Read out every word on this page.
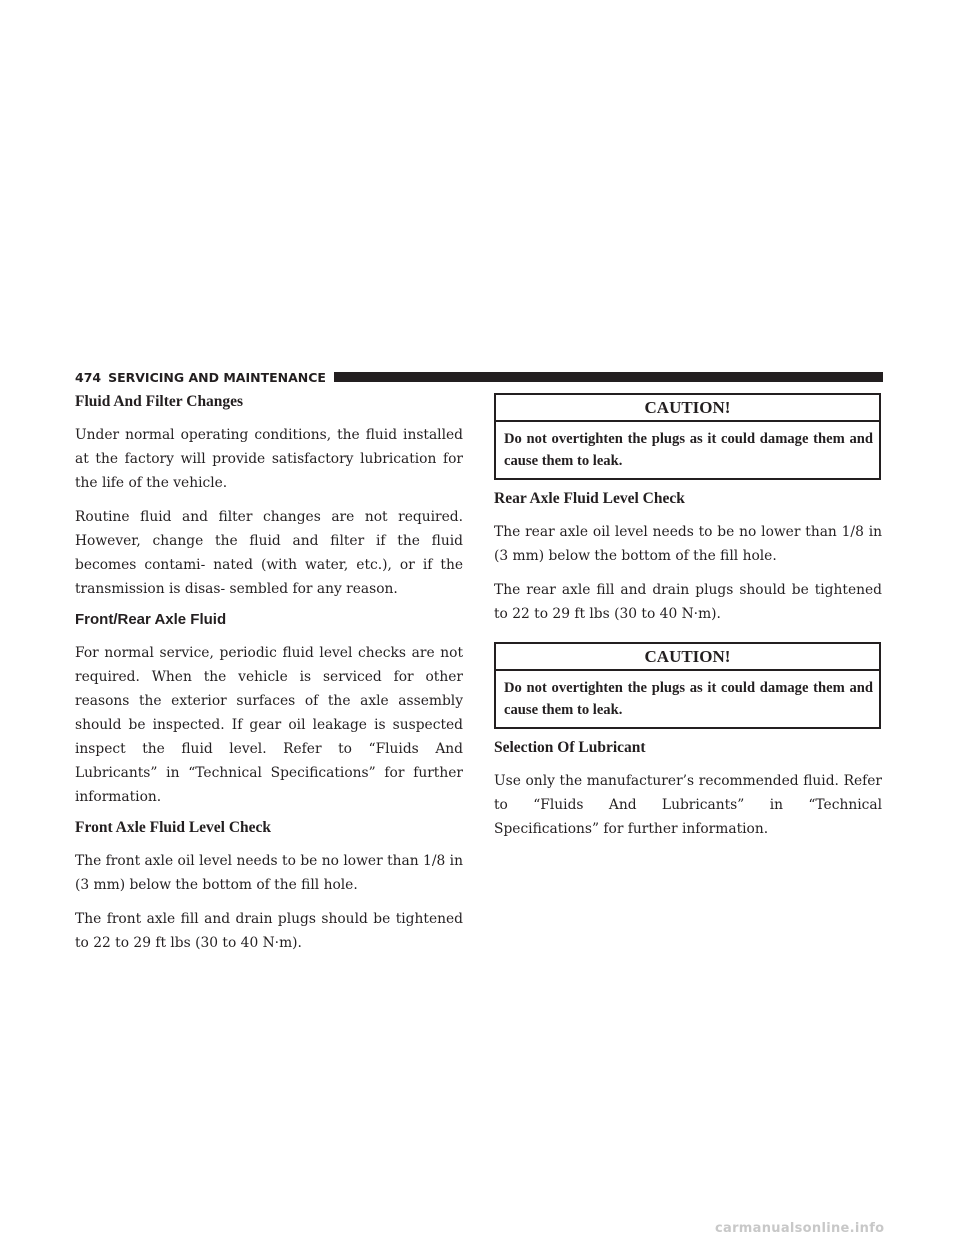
474 SERVICING AND MAINTENANCE
Fluid And Filter Changes

Under normal operating conditions, the fluid installed at the factory will provide satisfactory lubrication for the life of the vehicle.

Routine fluid and filter changes are not required. However, change the fluid and filter if the fluid becomes contami- nated (with water, etc.), or if the transmission is disas- sembled for any reason.

Front/Rear Axle Fluid

For normal service, periodic fluid level checks are not required. When the vehicle is serviced for other reasons the exterior surfaces of the axle assembly should be inspected. If gear oil leakage is suspected inspect the fluid level. Refer to “Fluids And Lubricants” in “Technical Specifications” for further information.

Front Axle Fluid Level Check

The front axle oil level needs to be no lower than 1/8 in (3 mm) below the bottom of the fill hole.

The front axle fill and drain plugs should be tightened to 22 to 29 ft lbs (30 to 40 N·m).

CAUTION!
Do not overtighten the plugs as it could damage them and cause them to leak.
Rear Axle Fluid Level Check

The rear axle oil level needs to be no lower than 1/8 in (3 mm) below the bottom of the fill hole.

The rear axle fill and drain plugs should be tightened to 22 to 29 ft lbs (30 to 40 N·m).

CAUTION!
Do not overtighten the plugs as it could damage them and cause them to leak.
Selection Of Lubricant

Use only the manufacturer’s recommended fluid. Refer to “Fluids And Lubricants” in “Technical Specifications” for further information.

carmanualsonline.info
